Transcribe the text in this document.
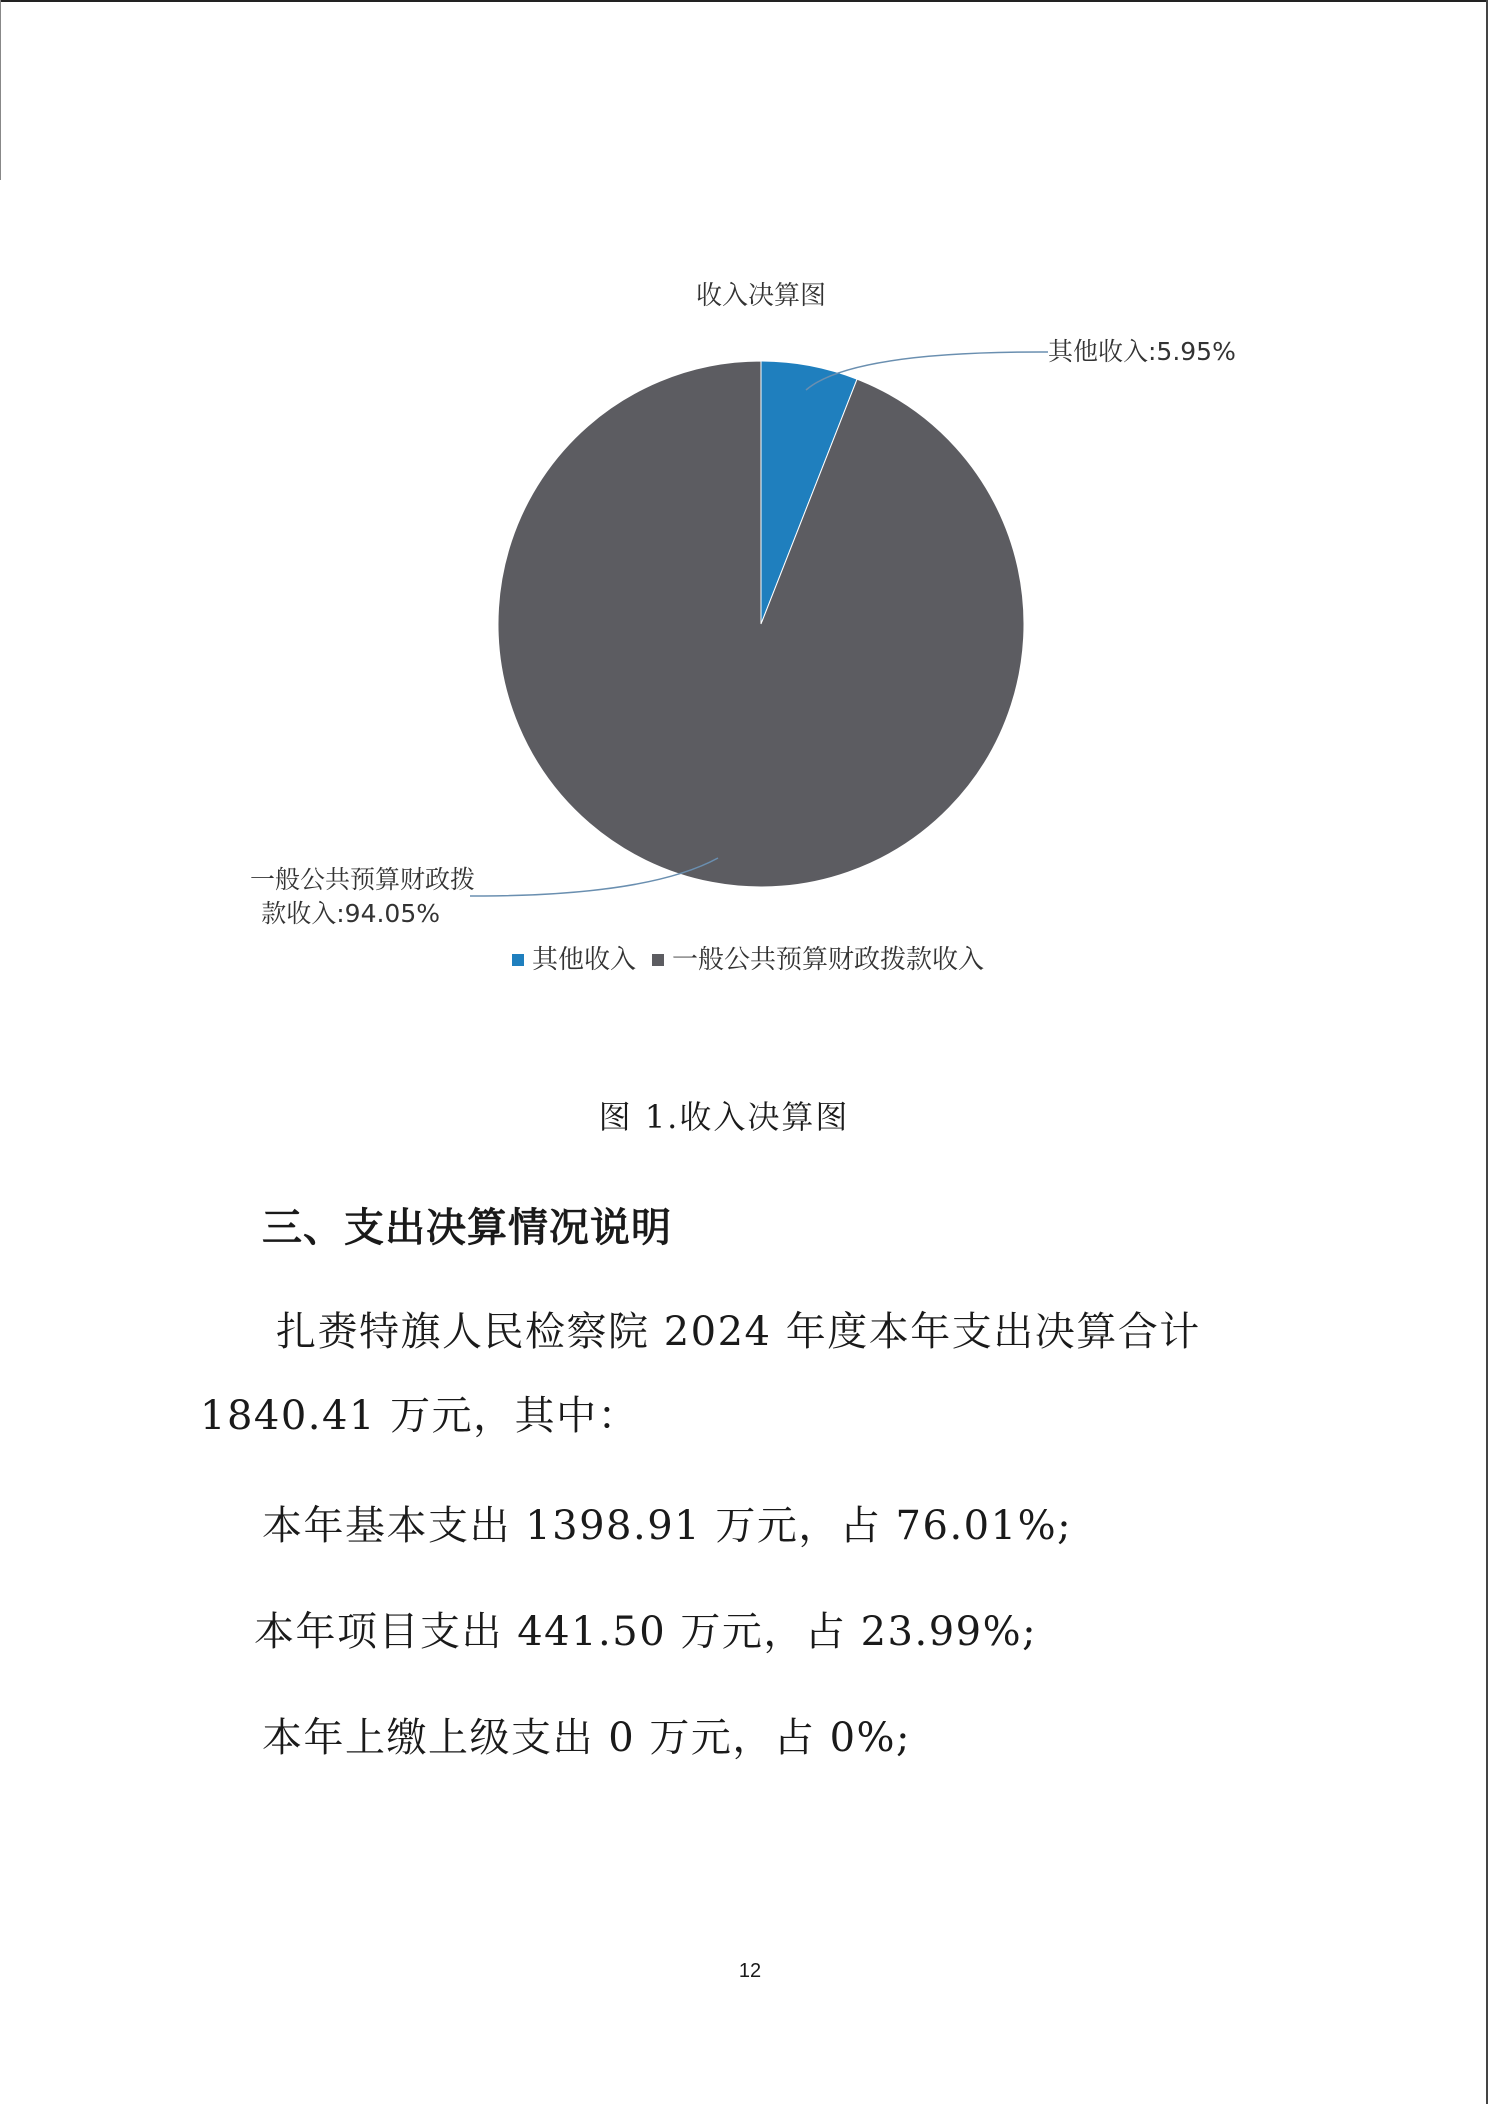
收入决算图
其他收入:5.95%
一般公共预算财政拨
款收入:94.05%
其他收入 一般公共预算财政拨款收入
图 1.收入决算图
三、支出决算情况说明
扎赉特旗人民检察院 2024 年度本年支出决算合计 1840.41 万元，其中：
本年基本支出 1398.91 万元，占 76.01%;
本年项目支出 441.50 万元，占 23.99%;
本年上缴上级支出 0 万元，占 0%;
12
